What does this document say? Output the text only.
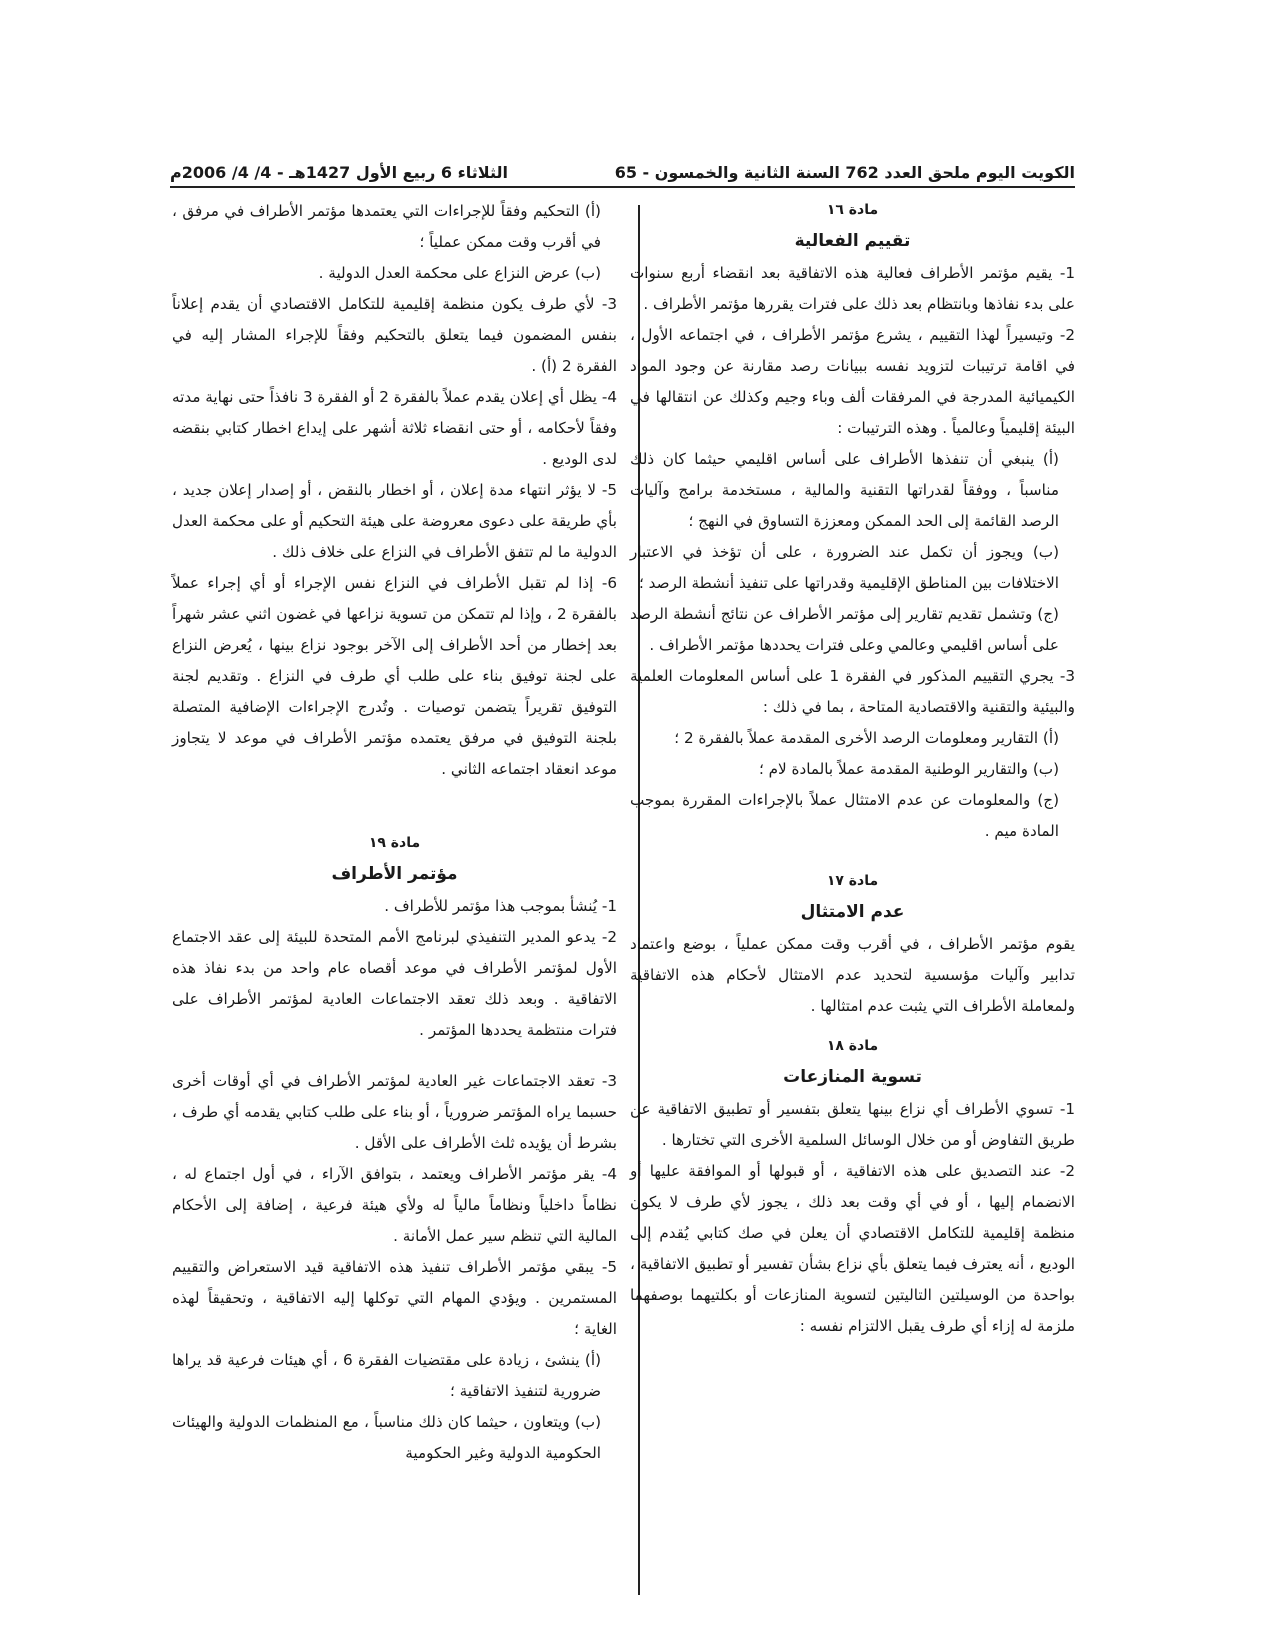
الكويت اليوم ملحق العدد 762 السنة الثانية والخمسون - 65
الثلاثاء 6 ربيع الأول 1427هـ - 4/ 4/ 2006م

مادة ١٦

تقييم الفعالية

1- يقيم مؤتمر الأطراف فعالية هذه الاتفاقية بعد انقضاء أربع سنوات على بدء نفاذها وبانتظام بعد ذلك على فترات يقررها مؤتمر الأطراف .

2- وتيسيراً لهذا التقييم ، يشرع مؤتمر الأطراف ، في اجتماعه الأول ، في اقامة ترتيبات لتزويد نفسه ببيانات رصد مقارنة عن وجود المواد الكيميائية المدرجة في المرفقات ألف وباء وجيم وكذلك عن انتقالها في البيئة إقليمياً وعالمياً . وهذه الترتيبات :

(أ) ينبغي أن تنفذها الأطراف على أساس اقليمي حيثما كان ذلك مناسباً ، ووفقاً لقدراتها التقنية والمالية ، مستخدمة برامج وآليات الرصد القائمة إلى الحد الممكن ومعززة التساوق في النهج ؛

(ب) ويجوز أن تكمل عند الضرورة ، على أن تؤخذ في الاعتبار الاختلافات بين المناطق الإقليمية وقدراتها على تنفيذ أنشطة الرصد ؛

(ج) وتشمل تقديم تقارير إلى مؤتمر الأطراف عن نتائج أنشطة الرصد على أساس اقليمي وعالمي وعلى فترات يحددها مؤتمر الأطراف .

3- يجري التقييم المذكور في الفقرة 1 على أساس المعلومات العلمية والبيئية والتقنية والاقتصادية المتاحة ، بما في ذلك :

(أ) التقارير ومعلومات الرصد الأخرى المقدمة عملاً بالفقرة 2 ؛

(ب) والتقارير الوطنية المقدمة عملاً بالمادة لام ؛

(ج) والمعلومات عن عدم الامتثال عملاً بالإجراءات المقررة بموجب المادة ميم .

مادة ١٧

عدم الامتثال

يقوم مؤتمر الأطراف ، في أقرب وقت ممكن عملياً ، بوضع واعتماد تدابير وآليات مؤسسية لتحديد عدم الامتثال لأحكام هذه الاتفاقية ولمعاملة الأطراف التي يثبت عدم امتثالها .

مادة ١٨

تسوية المنازعات

1- تسوي الأطراف أي نزاع بينها يتعلق بتفسير أو تطبيق الاتفاقية عن طريق التفاوض أو من خلال الوسائل السلمية الأخرى التي تختارها .

2- عند التصديق على هذه الاتفاقية ، أو قبولها أو الموافقة عليها أو الانضمام إليها ، أو في أي وقت بعد ذلك ، يجوز لأي طرف لا يكون منظمة إقليمية للتكامل الاقتصادي أن يعلن في صك كتابي يُقدم إلى الوديع ، أنه يعترف فيما يتعلق بأي نزاع بشأن تفسير أو تطبيق الاتفاقية ، بواحدة من الوسيلتين التاليتين لتسوية المنازعات أو بكلتيهما بوصفهما ملزمة له إزاء أي طرف يقبل الالتزام نفسه :

(أ) التحكيم وفقاً للإجراءات التي يعتمدها مؤتمر الأطراف في مرفق ، في أقرب وقت ممكن عملياً ؛

(ب) عرض النزاع على محكمة العدل الدولية .

3- لأي طرف يكون منظمة إقليمية للتكامل الاقتصادي أن يقدم إعلاناً بنفس المضمون فيما يتعلق بالتحكيم وفقاً للإجراء المشار إليه في الفقرة 2 (أ) .

4- يظل أي إعلان يقدم عملاً بالفقرة 2 أو الفقرة 3 نافذاً حتى نهاية مدته وفقاً لأحكامه ، أو حتى انقضاء ثلاثة أشهر على إيداع اخطار كتابي بنقضه لدى الوديع .

5- لا يؤثر انتهاء مدة إعلان ، أو اخطار بالنقض ، أو إصدار إعلان جديد ، بأي طريقة على دعوى معروضة على هيئة التحكيم أو على محكمة العدل الدولية ما لم تتفق الأطراف في النزاع على خلاف ذلك .

6- إذا لم تقبل الأطراف في النزاع نفس الإجراء أو أي إجراء عملاً بالفقرة 2 ، وإذا لم تتمكن من تسوية نزاعها في غضون اثني عشر شهراً بعد إخطار من أحد الأطراف إلى الآخر بوجود نزاع بينها ، يُعرض النزاع على لجنة توفيق بناء على طلب أي طرف في النزاع . وتقديم لجنة التوفيق تقريراً يتضمن توصيات . وتُدرج الإجراءات الإضافية المتصلة بلجنة التوفيق في مرفق يعتمده مؤتمر الأطراف في موعد لا يتجاوز موعد انعقاد اجتماعه الثاني .

مادة ١٩

مؤتمر الأطراف

1- يُنشأ بموجب هذا مؤتمر للأطراف .

2- يدعو المدير التنفيذي لبرنامج الأمم المتحدة للبيئة إلى عقد الاجتماع الأول لمؤتمر الأطراف في موعد أقصاه عام واحد من بدء نفاذ هذه الاتفاقية . وبعد ذلك تعقد الاجتماعات العادية لمؤتمر الأطراف على فترات منتظمة يحددها المؤتمر .

3- تعقد الاجتماعات غير العادية لمؤتمر الأطراف في أي أوقات أخرى حسبما يراه المؤتمر ضرورياً ، أو بناء على طلب كتابي يقدمه أي طرف ، بشرط أن يؤيده ثلث الأطراف على الأقل .

4- يقر مؤتمر الأطراف ويعتمد ، بتوافق الآراء ، في أول اجتماع له ، نظاماً داخلياً ونظاماً مالياً له ولأي هيئة فرعية ، إضافة إلى الأحكام المالية التي تنظم سير عمل الأمانة .

5- يبقي مؤتمر الأطراف تنفيذ هذه الاتفاقية قيد الاستعراض والتقييم المستمرين . ويؤدي المهام التي توكلها إليه الاتفاقية ، وتحقيقاً لهذه الغاية ؛

(أ) ينشئ ، زيادة على مقتضيات الفقرة 6 ، أي هيئات فرعية قد يراها ضرورية لتنفيذ الاتفاقية ؛

(ب) ويتعاون ، حيثما كان ذلك مناسباً ، مع المنظمات الدولية والهيئات الحكومية الدولية وغير الحكومية
